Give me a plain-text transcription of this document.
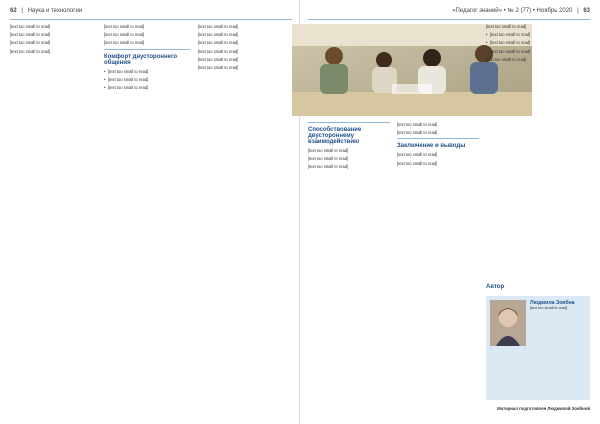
62 | Наука и технологии

[text too small to read]

[text too small to read]

[text too small to read]

[text too small to read]

[text too small to read]

[text too small to read]

[text too small to read]

Комфорт двустороннего общения

• [text too small to read]

• [text too small to read]

• [text too small to read]

[text too small to read]

[text too small to read]

[text too small to read]

[text too small to read]

[text too small to read]

[text too small to read]

«Педагог знаний» • № 2 (77) • Ноябрь 2020 | 63
Способствование двустороннему взаимодействию

[text too small to read]

[text too small to read]

[text too small to read]

[text too small to read]

[text too small to read]

Заключение и выводы

[text too small to read]

[text too small to read]

[text too small to read]

• [text too small to read]

• [text too small to read]

• [text too small to read]

[text too small to read]

Людмила Зоябна
[text too small to read]
Автор
Материал подготовлен Людмилой Зоябной
